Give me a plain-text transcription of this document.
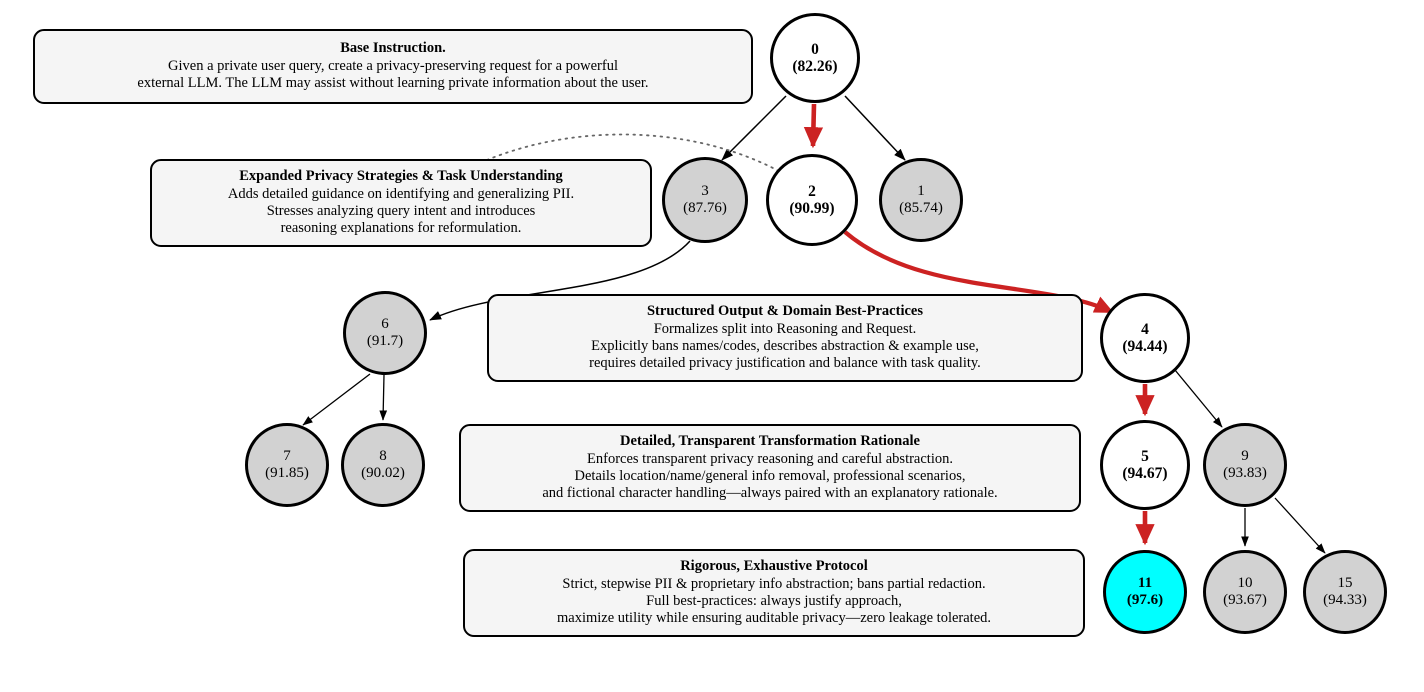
Base Instruction.
Given a private user query, create a privacy-preserving request for a powerful
external LLM. The LLM may assist without learning private information about the user.
Expanded Privacy Strategies & Task Understanding
Adds detailed guidance on identifying and generalizing PII.
Stresses analyzing query intent and introduces
reasoning explanations for reformulation.
Structured Output & Domain Best-Practices
Formalizes split into Reasoning and Request.
Explicitly bans names/codes, describes abstraction & example use,
requires detailed privacy justification and balance with task quality.
Detailed, Transparent Transformation Rationale
Enforces transparent privacy reasoning and careful abstraction.
Details location/name/general info removal, professional scenarios,
and fictional character handling—always paired with an explanatory rationale.
Rigorous, Exhaustive Protocol
Strict, stepwise PII & proprietary info abstraction; bans partial redaction.
Full best-practices: always justify approach,
maximize utility while ensuring auditable privacy—zero leakage tolerated.
0
(82.26)
3
(87.76)
2
(90.99)
1
(85.74)
6
(91.7)
4
(94.44)
7
(91.85)
8
(90.02)
5
(94.67)
9
(93.83)
11
(97.6)
10
(93.67)
15
(94.33)
